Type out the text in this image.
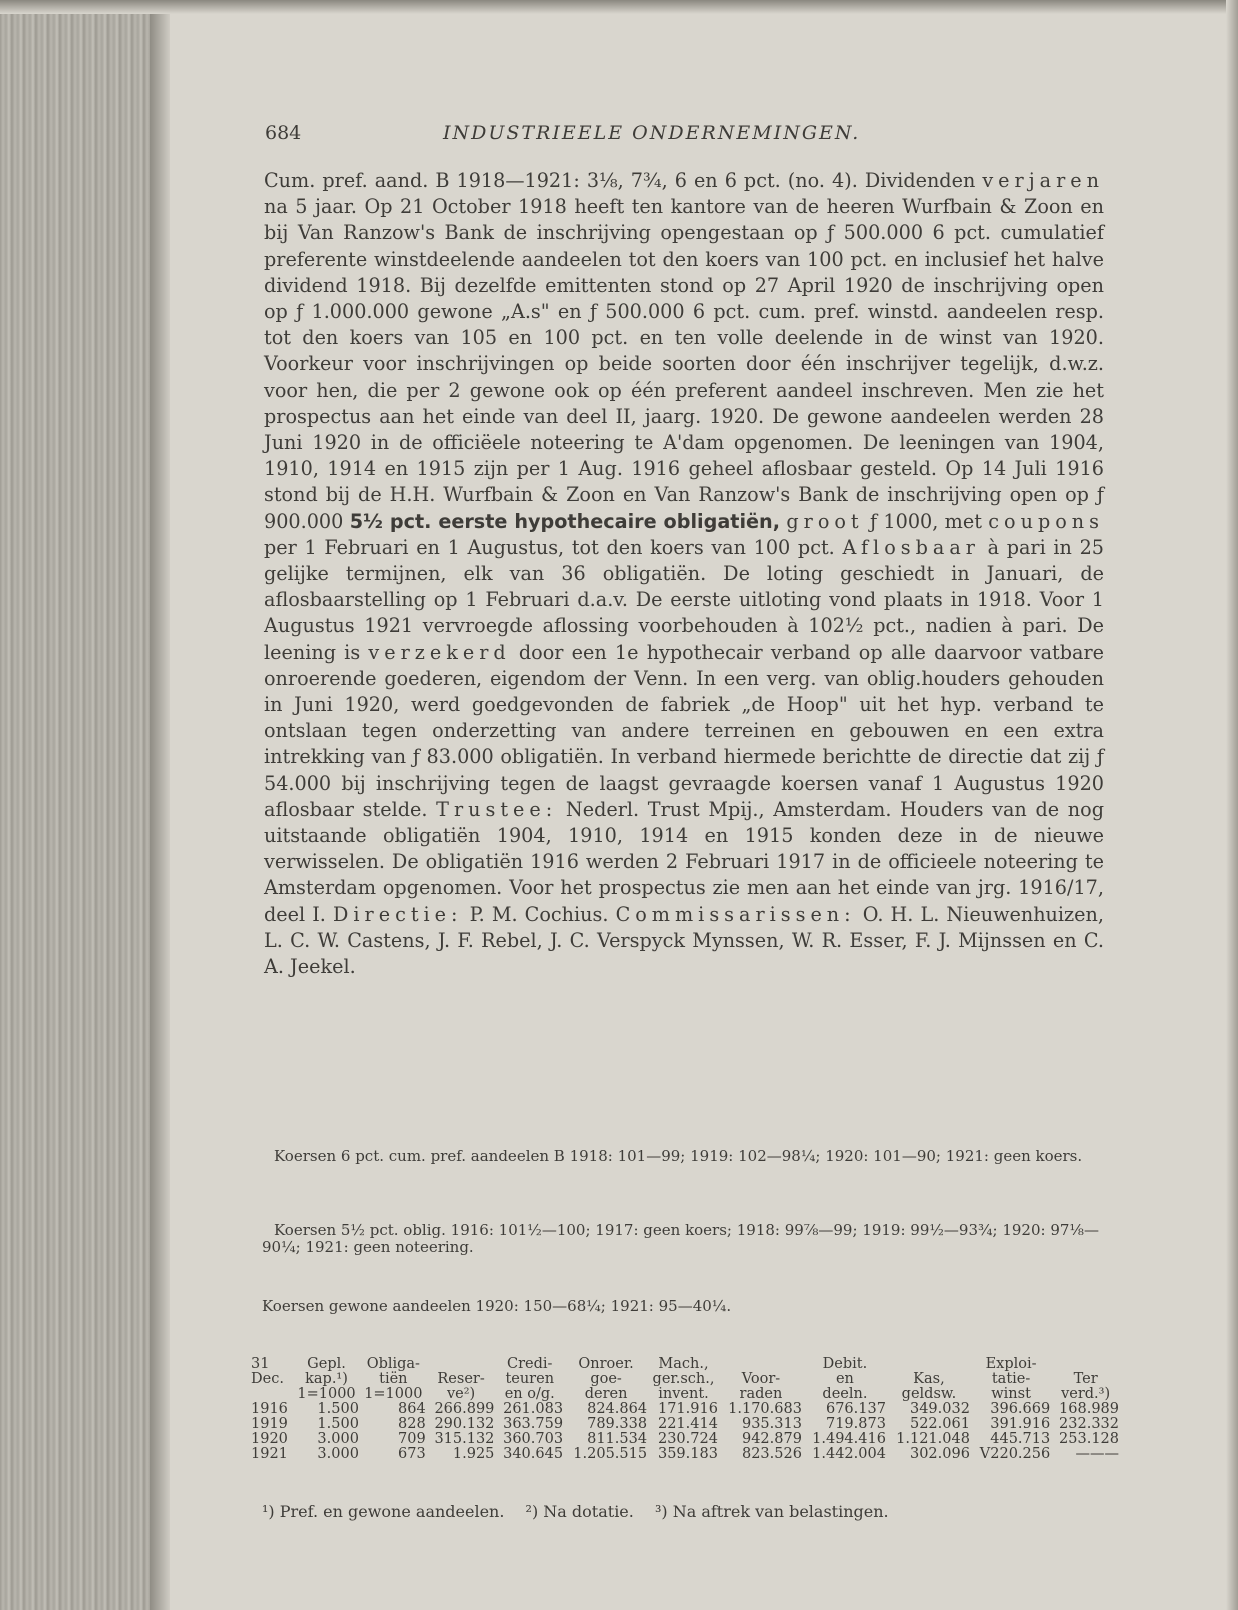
684	INDUSTRIEELE ONDERNEMINGEN.
Cum. pref. aand. B 1918—1921: 3⅛, 7¾, 6 en 6 pct. (no. 4). Dividenden verjaren na 5 jaar. Op 21 October 1918 heeft ten kantore van de heeren Wurfbain & Zoon en bij Van Ranzow's Bank de inschrijving opengestaan op ƒ 500.000 6 pct. cumulatief preferente winstdeelende aandeelen tot den koers van 100 pct. en inclusief het halve dividend 1918. Bij dezelfde emittenten stond op 27 April 1920 de inschrijving open op ƒ 1.000.000 gewone „A.s" en ƒ 500.000 6 pct. cum. pref. winstd. aandeelen resp. tot den koers van 105 en 100 pct. en ten volle deelende in de winst van 1920. Voorkeur voor inschrijvingen op beide soorten door één inschrijver tegelijk, d.w.z. voor hen, die per 2 gewone ook op één preferent aandeel inschreven. Men zie het prospectus aan het einde van deel II, jaarg. 1920. De gewone aandeelen werden 28 Juni 1920 in de officiëele noteering te A'dam opgenomen. De leeningen van 1904, 1910, 1914 en 1915 zijn per 1 Aug. 1916 geheel aflosbaar gesteld. Op 14 Juli 1916 stond bij de H.H. Wurfbain & Zoon en Van Ranzow's Bank de inschrijving open op ƒ 900.000 5½ pct. eerste hypothecaire obligatiën, groot ƒ 1000, met coupons per 1 Februari en 1 Augustus, tot den koers van 100 pct. Aflosbaar à pari in 25 gelijke termijnen, elk van 36 obligatiën. De loting geschiedt in Januari, de aflosbaarstelling op 1 Februari d.a.v. De eerste uitloting vond plaats in 1918. Voor 1 Augustus 1921 vervroegde aflossing voorbehouden à 102½ pct., nadien à pari. De leening is verzekerd door een 1e hypothecair verband op alle daarvoor vatbare onroerende goederen, eigendom der Venn. In een verg. van oblig.houders gehouden in Juni 1920, werd goedgevonden de fabriek „de Hoop" uit het hyp. verband te ontslaan tegen onderzetting van andere terreinen en gebouwen en een extra intrekking van ƒ 83.000 obligatiën. In verband hiermede berichtte de directie dat zij ƒ 54.000 bij inschrijving tegen de laagst gevraagde koersen vanaf 1 Augustus 1920 aflosbaar stelde. Trustee: Nederl. Trust Mpij., Amsterdam. Houders van de nog uitstaande obligatiën 1904, 1910, 1914 en 1915 konden deze in de nieuwe verwisselen. De obligatiën 1916 werden 2 Februari 1917 in de officieele noteering te Amsterdam opgenomen. Voor het prospectus zie men aan het einde van jrg. 1916/17, deel I. Directie: P. M. Cochius. Commissarissen: O. H. L. Nieuwenhuizen, L. C. W. Castens, J. F. Rebel, J. C. Verspyck Mynssen, W. R. Esser, F. J. Mijnssen en C. A. Jeekel.
Koersen 6 pct. cum. pref. aandeelen B 1918: 101—99; 1919: 102—98¼; 1920: 101—90; 1921: geen koers.
Koersen 5½ pct. oblig. 1916: 101½—100; 1917: geen koers; 1918: 99⅞—99; 1919: 99½—93¾; 1920: 97⅛—90¼; 1921: geen noteering.
Koersen gewone aandeelen 1920: 150—68¼; 1921: 95—40¼.
31	Gepl.	Obliga-		Credi-	Onroer.	Mach.,		Debit.		Exploi-	
Dec.	kap.¹)	tiën	Reser-	teuren	goe-	ger.sch.,	Voor-	en	Kas,	tatie-	Ter
	1=1000	1=1000	ve²)	en o/g.	deren	invent.	raden	deeln.	geldsw.	winst	verd.³)
1916	1.500	864	266.899	261.083	824.864	171.916	1.170.683	676.137	349.032	396.669	168.989
1919	1.500	828	290.132	363.759	789.338	221.414	935.313	719.873	522.061	391.916	232.332
1920	3.000	709	315.132	360.703	811.534	230.724	942.879	1.494.416	1.121.048	445.713	253.128
1921	3.000	673	1.925	340.645	1.205.515	359.183	823.526	1.442.004	302.096	V220.256	———
¹) Pref. en gewone aandeelen. ²) Na dotatie. ³) Na aftrek van belastingen.
